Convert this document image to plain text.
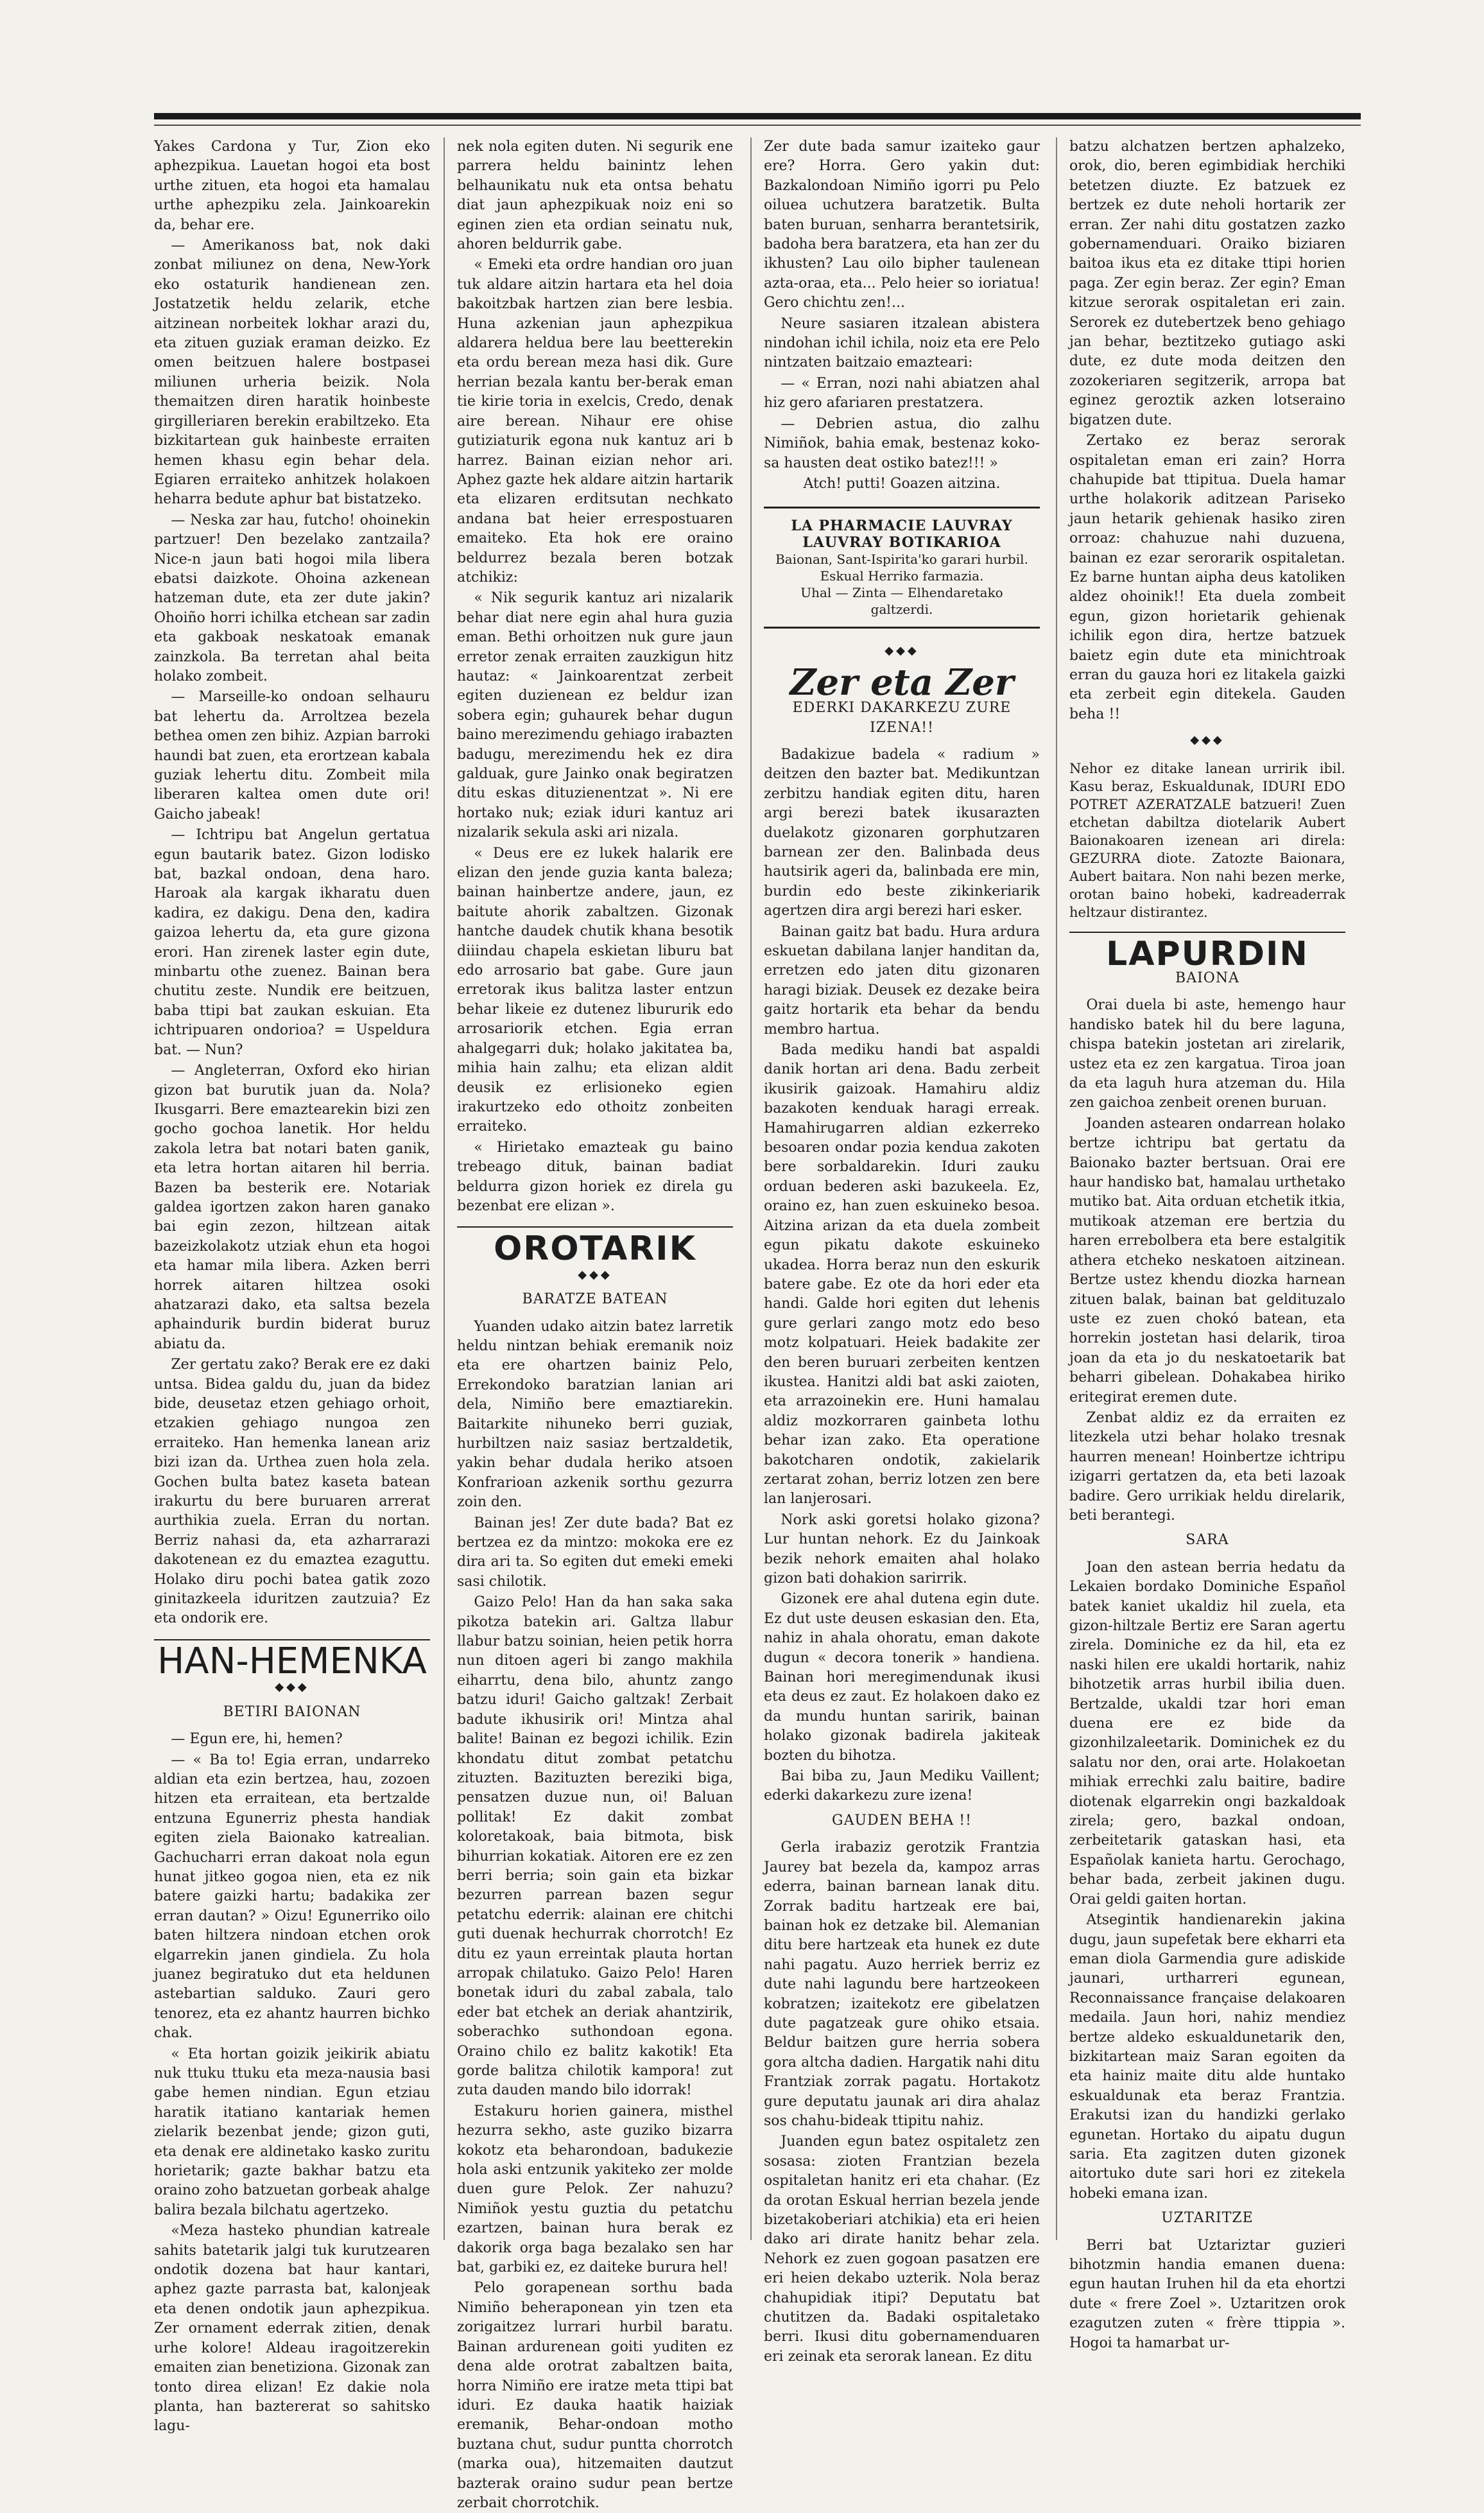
Yakes Cardona y Tur, Zion eko aphezpikua. Lauetan hogoi eta bost urthe zituen, eta hogoi eta hamalau urthe aphezpiku zela. Jainkoarekin da, behar ere.

— Amerikanoss bat, nok daki zonbat miliunez on dena, New-York eko ostaturik handienean zen. Jostatzetik heldu zelarik, etche aitzinean norbeitek lokhar arazi du, eta zituen guziak eraman deizko. Ez omen beitzuen halere bostpasei miliunen urheria beizik. Nola themaitzen diren haratik hoinbeste girgilleriaren berekin erabiltzeko. Eta bizkitartean guk hainbeste erraiten hemen khasu egin behar dela. Egiaren erraiteko anhitzek holakoen heharra bedute aphur bat bistatzeko.

— Neska zar hau, futcho! ohoinekin partzuer! Den bezelako zantzaila? Nice-n jaun bati hogoi mila libera ebatsi daizkote. Ohoina azkenean hatzeman dute, eta zer dute jakin? Ohoiño horri ichilka etchean sar zadin eta gakboak neskatoak emanak zainzkola. Ba terretan ahal beita holako zombeit.

— Marseille-ko ondoan selhauru bat lehertu da. Arroltzea bezela bethea omen zen bihiz. Azpian barroki haundi bat zuen, eta erortzean kabala guziak lehertu ditu. Zombeit mila liberaren kaltea omen dute ori! Gaicho jabeak!

— Ichtripu bat Angelun gertatua egun bautarik batez. Gizon lodisko bat, bazkal ondoan, dena haro. Haroak ala kargak ikharatu duen kadira, ez dakigu. Dena den, kadira gaizoa lehertu da, eta gure gizona erori. Han zirenek laster egin dute, minbartu othe zuenez. Bainan bera chutitu zeste. Nundik ere beitzuen, baba ttipi bat zaukan eskuian. Eta ichtripuaren ondorioa? = Uspeldura bat. — Nun?

— Angleterran, Oxford eko hirian gizon bat burutik juan da. Nola? Ikusgarri. Bere emaztearekin bizi zen gocho gochoa lanetik. Hor heldu zakola letra bat notari baten ganik, eta letra hortan aitaren hil berria. Bazen ba besterik ere. Notariak galdea igortzen zakon haren ganako bai egin zezon, hiltzean aitak bazeizkolakotz utziak ehun eta hogoi eta hamar mila libera. Azken berri horrek aitaren hiltzea osoki ahatzarazi dako, eta saltsa bezela aphaindurik burdin biderat buruz abiatu da.

Zer gertatu zako? Berak ere ez daki untsa. Bidea galdu du, juan da bidez bide, deusetaz etzen gehiago orhoit, etzakien gehiago nungoa zen erraiteko. Han hemenka lanean ariz bizi izan da. Urthea zuen hola zela. Gochen bulta batez kaseta batean irakurtu du bere buruaren arrerat aurthikia zuela. Erran du nortan. Berriz nahasi da, eta azharrarazi dakotenean ez du emaztea ezaguttu. Holako diru pochi batea gatik zozo ginitazkeela iduritzen zautzuia? Ez eta ondorik ere.

HAN-HEMENKA
◆◆◆
BETIRI BAIONAN

— Egun ere, hi, hemen?

— « Ba to! Egia erran, undarreko aldian eta ezin bertzea, hau, zozoen hitzen eta erraitean, eta bertzalde entzuna Egunerriz phesta handiak egiten ziela Baionako katrealian. Gachucharri erran dakoat nola egun hunat jitkeo gogoa nien, eta ez nik batere gaizki hartu; badakika zer erran dautan? » Oizu! Egunerriko oilo baten hiltzera nindoan etchen orok elgarrekin janen gindiela. Zu hola juanez begiratuko dut eta heldunen astebartian salduko. Zauri gero tenorez, eta ez ahantz haurren bichko chak.

« Eta hortan goizik jeikirik abiatu nuk ttuku ttuku eta meza-nausia basi gabe hemen nindian. Egun etziau haratik itatiano kantariak hemen zielarik bezenbat jende; gizon guti, eta denak ere aldinetako kasko zuritu horietarik; gazte bakhar batzu eta oraino zoho batzuetan gorbeak ahalge balira bezala bilchatu agertzeko.

«Meza hasteko phundian katreale sahits batetarik jalgi tuk kurutzearen ondotik dozena bat haur kantari, aphez gazte parrasta bat, kalonjeak eta denen ondotik jaun aphezpikua. Zer ornament ederrak zitien, denak urhe kolore! Aldeau iragoitzerekin emaiten zian benetiziona. Gizonak zan tonto direa elizan! Ez dakie nola planta, han baztererat so sahitsko lagu-

nek nola egiten duten. Ni segurik ene parrera heldu bainintz lehen belhaunikatu nuk eta ontsa behatu diat jaun aphezpikuak noiz eni so eginen zien eta ordian seinatu nuk, ahoren beldurrik gabe.

« Emeki eta ordre handian oro juan tuk aldare aitzin hartara eta hel doia bakoitzbak hartzen zian bere lesbia. Huna azkenian jaun aphezpikua aldarera heldua bere lau beetterekin eta ordu berean meza hasi dik. Gure herrian bezala kantu ber-berak eman tie kirie toria in exelcis, Credo, denak aire berean. Nihaur ere ohise gutiziaturik egona nuk kantuz ari b harrez. Bainan eizian nehor ari. Aphez gazte hek aldare aitzin hartarik eta elizaren erditsutan nechkato andana bat heier errespostuaren emaiteko. Eta hok ere oraino beldurrez bezala beren botzak atchikiz:

« Nik segurik kantuz ari nizalarik behar diat nere egin ahal hura guzia eman. Bethi orhoitzen nuk gure jaun erretor zenak erraiten zauzkigun hitz hautaz: « Jainkoarentzat zerbeit egiten duzienean ez beldur izan sobera egin; guhaurek behar dugun baino merezimendu gehiago irabazten badugu, merezimendu hek ez dira galduak, gure Jainko onak begiratzen ditu eskas dituzienentzat ». Ni ere hortako nuk; eziak iduri kantuz ari nizalarik sekula aski ari nizala.

« Deus ere ez lukek halarik ere elizan den jende guzia kanta baleza; bainan hainbertze andere, jaun, ez baitute ahorik zabaltzen. Gizonak hantche daudek chutik khana besotik diiindau chapela eskietan liburu bat edo arrosario bat gabe. Gure jaun erretorak ikus balitza laster entzun behar likeie ez dutenez libururik edo arrosariorik etchen. Egia erran ahalgegarri duk; holako jakitatea ba, mihia hain zalhu; eta elizan aldit deusik ez erlisioneko egien irakurtzeko edo othoitz zonbeiten erraiteko.

« Hirietako emazteak gu baino trebeago dituk, bainan badiat beldurra gizon horiek ez direla gu bezenbat ere elizan ».

OROTARIK
◆◆◆
BARATZE BATEAN

Yuanden udako aitzin batez larretik heldu nintzan behiak eremanik noiz eta ere ohartzen bainiz Pelo, Errekondoko baratzian lanian ari dela, Nimiño bere emaztiarekin. Baitarkite nihuneko berri guziak, hurbiltzen naiz sasiaz bertzaldetik, yakin behar dudala heriko atsoen Konfrarioan azkenik sorthu gezurra zoin den.

Bainan jes! Zer dute bada? Bat ez bertzea ez da mintzo: mokoka ere ez dira ari ta. So egiten dut emeki emeki sasi chilotik.

Gaizo Pelo! Han da han saka saka pikotza batekin ari. Galtza llabur llabur batzu soinian, heien petik horra nun ditoen ageri bi zango makhila eiharrtu, dena bilo, ahuntz zango batzu iduri! Gaicho galtzak! Zerbait badute ikhusirik ori! Mintza ahal balite! Bainan ez begozi ichilik. Ezin khondatu ditut zombat petatchu zituzten. Bazituzten bereziki biga, pensatzen duzue nun, oi! Baluan pollitak! Ez dakit zombat koloretakoak, baia bitmota, bisk bihurrian kokatiak. Aitoren ere ez zen berri berria; soin gain eta bizkar bezurren parrean bazen segur petatchu ederrik: alainan ere chitchi guti duenak hechurrak chorrotch! Ez ditu ez yaun erreintak plauta hortan arropak chilatuko. Gaizo Pelo! Haren bonetak iduri du zabal zabala, talo eder bat etchek an deriak ahantzirik, soberachko suthondoan egona. Oraino chilo ez balitz kakotik! Eta gorde balitza chilotik kampora! zut zuta dauden mando bilo idorrak!

Estakuru horien gainera, misthel hezurra sekho, aste guziko bizarra kokotz eta beharondoan, badukezie hola aski entzunik yakiteko zer molde duen gure Pelok. Zer nahuzu? Nimiñok yestu guztia du petatchu ezartzen, bainan hura berak ez dakorik orga baga bezalako sen har bat, garbiki ez, ez daitekе burura hel!

Pelo gorapenean sorthu bada Nimiño beheraponean yin tzen eta zorigaitzez lurrari hurbil baratu. Bainan ardurenean goiti yuditen ez dena alde orotrat zabaltzen baita, horra Nimiño ere iratze meta ttipi bat iduri. Ez dauka haatik haiziak eremanik, Behar-ondoan motho buztana chut, sudur puntta chorrotch (marka oua), hitzemaiten dautzut bazterak oraino sudur pean bertze zerbait chorrotchik.

Zer dute bada samur izaiteko gaur ere? Horra. Gero yakin dut: Bazkalondoan Nimiño igorri pu Pelo oiluea uchutzera baratzetik. Bulta baten buruan, senharra berantetsirik, badoha bera baratzera, eta han zer du ikhusten? Lau oilo bipher taulenean azta-oraa, eta... Pelo heier so ioriatua! Gero chichtu zen!...

Neure sasiaren itzalean abistera nindohan ichil ichila, noiz eta ere Pelo nintzaten baitzaio emazteari:

— « Erran, nozi nahi abiatzen ahal hiz gero afariaren prestatzera.

— Debrien astua, dio zalhu Nimiñok, bahia emak, bestenaz koko-sa hausten deat ostiko batez!!! »

Atch! putti! Goazen aitzina.

LA PHARMACIE LAUVRAY
LAUVRAY BOTIKARIOA
Baionan, Sant-Ispirita'ko garari hurbil.
Eskual Herriko farmazia.
Uhal — Zinta — Elhendaretako galtzerdi.
◆◆◆
Zer eta Zer
EDERKI DAKARKEZU ZURE IZENA!!

Badakizue badela « radium » deitzen den bazter bat. Medikuntzan zerbitzu handiak egiten ditu, haren argi berezi batek ikusarazten duelakotz gizonaren gorphutzaren barnean zer den. Balinbada deus hautsirik ageri da, balinbada ere min, burdin edo beste zikinkeriarik agertzen dira argi berezi hari esker.

Bainan gaitz bat badu. Hura ardura eskuetan dabilana lanjer handitan da, erretzen edo jaten ditu gizonaren haragi biziak. Deusek ez dezake beira gaitz hortarik eta behar da bendu membro hartua.

Bada mediku handi bat aspaldi danik hortan ari dena. Badu zerbeit ikusirik gaizoak. Hamahiru aldiz bazakoten kenduak haragi erreak. Hamahirugarren aldian ezkerreko besoaren ondar pozia kendua zakoten bere sorbaldarekin. Iduri zauku orduan bederen aski bazukeela. Ez, oraino ez, han zuen eskuineko besoa. Aitzina arizan da eta duela zombeit egun pikatu dakote eskuineko ukadea. Horra beraz nun den eskurik batere gabe. Ez ote da hori eder eta handi. Galde hori egiten dut lehenis gure gerlari zango motz edo beso motz kolpatuari. Heiek badakite zer den beren buruari zerbeiten kentzen ikustea. Hanitzi aldi bat aski zaioten, eta arrazoinekin ere. Huni hamalau aldiz mozkorraren gainbeta lothu behar izan zako. Eta operatione bakotcharen ondotik, zakielarik zertarat zohan, berriz lotzen zen bere lan lanjerosari.

Nork aski goretsi holako gizona? Lur huntan nehork. Ez du Jainkoak bezik nehork emaiten ahal holako gizon bati dohakion sarirrik.

Gizonek ere ahal dutena egin dute. Ez dut uste deusen eskasian den. Eta, nahiz in ahala ohoratu, eman dakote dugun « decora tonerik » handiena. Bainan hori meregimendunak ikusi eta deus ez zaut. Ez holakoen dako ez da mundu huntan saririk, bainan holako gizonak badirela jakiteak bozten du bihotza.

Bai biba zu, Jaun Mediku Vaillent; ederki dakarkezu zure izena!

GAUDEN BEHA !!

Gerla irabaziz gerotzik Frantzia Jaurey bat bezela da, kampoz arras ederra, bainan barnean lanak ditu. Zorrak baditu hartzeak ere bai, bainan hok ez detzake bil. Alemanian ditu bere hartzeak eta hunek ez dute nahi pagatu. Auzo herriek berriz ez dute nahi lagundu bere hartzeokeen kobratzen; izaitekotz ere gibelatzen dute pagatzeak gure ohiko etsaia. Beldur baitzen gure herria sobera gora altcha dadien. Hargatik nahi ditu Frantziak zorrak pagatu. Hortakotz gure deputatu jaunak ari dira ahalaz sos chahu-bideak ttipitu nahiz.

Juanden egun batez ospitaletz zen sosasa: zioten Frantzian bezela ospitaletan hanitz eri eta chahar. (Ez da orotan Eskual herrian bezela jende bizetakoberiari atchikia) eta eri heien dako ari dirate hanitz behar zela. Nehork ez zuen gogoan pasatzen ere eri heien dekabo uzterik. Nola beraz chahupidiak itipi? Deputatu bat chutitzen da. Badaki ospitaletako berri. Ikusi ditu gobernamenduaren eri zeinak eta serorak lanean. Ez ditu

batzu alchatzen bertzen aphalzeko, orok, dio, beren egimbidiak herchiki betetzen diuzte. Ez batzuek ez bertzek ez dute neholi hortarik zer erran. Zer nahi ditu gostatzen zazko gobernamenduari. Oraiko biziaren baitoa ikus eta ez ditake ttipi horien paga. Zer egin beraz. Zer egin? Eman kitzue serorak ospitaletan eri zain. Serorek ez dutebertzek beno gehiago jan behar, beztitzeko gutiago aski dute, ez dute moda deitzen den zozokeriaren segitzerik, arropa bat eginez geroztik azken lotseraino bigatzen dute.

Zertako ez beraz serorak ospitaletan eman eri zain? Horra chahupide bat ttipitua. Duela hamar urthe holakorik aditzean Pariseko jaun hetarik gehienak hasiko ziren orroaz: chahuzue nahi duzuena, bainan ez ezar serorarik ospitaletan. Ez barne huntan aipha deus katoliken aldez ohoinik!! Eta duela zombeit egun, gizon horietarik gehienak ichilik egon dira, hertze batzuek baietz egin dute eta minichtroak erran du gauza hori ez litakela gaizki eta zerbeit egin ditekela. Gauden beha !!

◆◆◆
Nehor ez ditake lanean urririk ibil. Kasu beraz, Eskualdunak, IDURI EDO POTRET AZERATZALE batzueri! Zuen etchetan dabiltza diotelarik Aubert Baionakoaren izenean ari direla: GEZURRA diote. Zatozte Baionara, Aubert baitara. Non nahi bezen merke, orotan baino hobeki, kadreaderrak heltzaur distirantez.
LAPURDIN
BAIONA

Orai duela bi aste, hemengo haur handisko batek hil du bere laguna, chispa batekin jostetan ari zirelarik, ustez eta ez zen kargatua. Tiroa joan da eta laguh hura atzeman du. Hila zen gaichoa zenbeit orenen buruan.

Joanden astearen ondarrean holako bertze ichtripu bat gertatu da Baionako bazter bertsuan. Orai ere haur handisko bat, hamalau urthetako mutiko bat. Aita orduan etchetik itkia, mutikoak atzeman ere bertzia du haren errebolbera eta bere estalgitik athera etcheko neskatoen aitzinean. Bertze ustez khendu diozka harnean zituen balak, bainan bat geldituzalo uste ez zuen chokó batean, eta horrekin jostetan hasi delarik, tiroa joan da eta jo du neskatoetarik bat beharri gibelean. Dohakabea hiriko eritegirat eremen dute.

Zenbat aldiz ez da erraiten ez litezkela utzi behar holako tresnak haurren menean! Hoinbertze ichtripu izigarri gertatzen da, eta beti lazoak badire. Gero urrikiak heldu direlarik, beti berantegi.

SARA

Joan den astean berria hedatu da Lekaien bordako Dominiche Español batek kaniet ukaldiz hil zuela, eta gizon-hiltzale Bertiz ere Saran agertu zirela. Dominiche ez da hil, eta ez naski hilen ere ukaldi hortarik, nahiz bihotzetik arras hurbil ibilia duen. Bertzalde, ukaldi tzar hori eman duena ere ez bide da gizonhilzaleetarik. Dominichek ez du salatu nor den, orai arte. Holakoetan mihiak errechki zalu baitire, badire diotenak elgarrekin ongi bazkaldoak zirela; gero, bazkal ondoan, zerbeitetarik gataskan hasi, eta Españolak kanieta hartu. Gerochago, behar bada, zerbeit jakinen dugu. Orai geldi gaiten hortan.

Atsegintik handienarekin jakina dugu, jaun supefetak bere ekharri eta eman diola Garmendia gure adiskide jaunari, urtharreri egunean, Reconnaissance française delakoaren medaila. Jaun hori, nahiz mendiez bertze aldeko eskualdunetarik den, bizkitartean maiz Saran egoiten da eta hainiz maite ditu alde huntako eskualdunak eta beraz Frantzia. Erakutsi izan du handizki gerlako egunetan. Hortako du aipatu dugun saria. Eta zagitzen duten gizonek aitortuko dute sari hori ez zitekela hobeki emana izan.

UZTARITZE

Berri bat Uztariztar guzieri bihotzmin handia emanen duena: egun hautan Iruhen hil da eta ehortzi dute « frere Zoel ». Uztaritzen orok ezagutzen zuten « frère ttippia ». Hogoi ta hamarbat ur-
